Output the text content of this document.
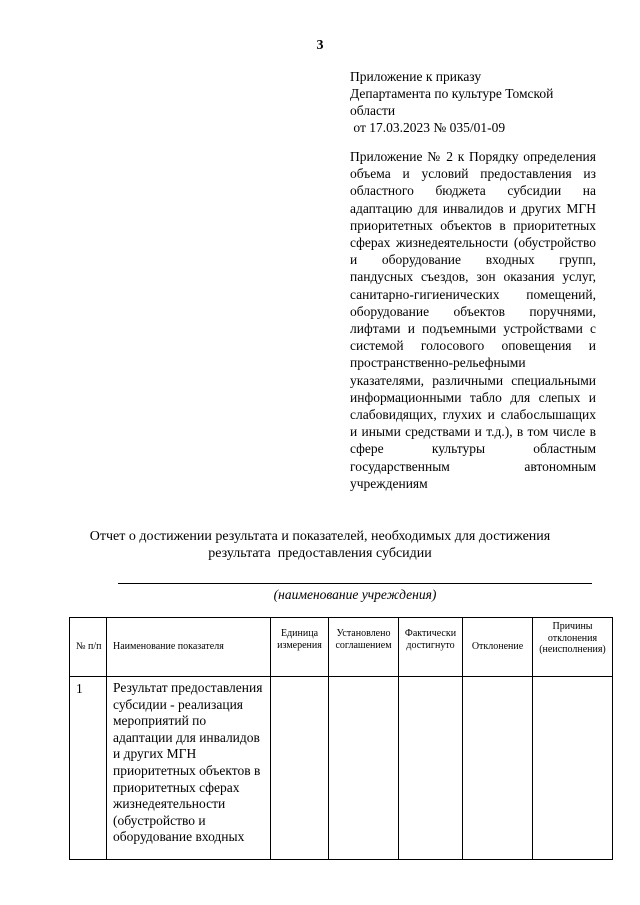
3
Приложение к приказу
Департамента по культуре Томской
области
от 17.03.2023 № 035/01-09
Приложение № 2 к Порядку определения объема и условий предоставления из областного бюджета субсидии на адаптацию для инвалидов и других МГН приоритетных объектов в приоритетных сферах жизнедеятельности (обустройство и оборудование входных групп, пандусных съездов, зон оказания услуг, санитарно-гигиенических помещений, оборудование объектов поручнями, лифтами и подъемными устройствами с системой голосового оповещения и пространственно-рельефными указателями, различными специальными информационными табло для слепых и слабовидящих, глухих и слабослышащих и иными средствами и т.д.), в том числе в сфере культуры областным государственным автономным учреждениям
Отчет о достижении результата и показателей, необходимых для достижения
результата  предоставления субсидии
(наименование учреждения)
№ п/п	Наименование показателя	Единица измерения	Установлено соглашением	Фактически достигнуто	Отклонение	Причины отклонения (неисполнения)
1	Результат предоставления субсидии - реализация мероприятий по адаптации для инвалидов и других МГН приоритетных объектов в приоритетных сферах жизнедеятельности (обустройство и оборудование входных					
